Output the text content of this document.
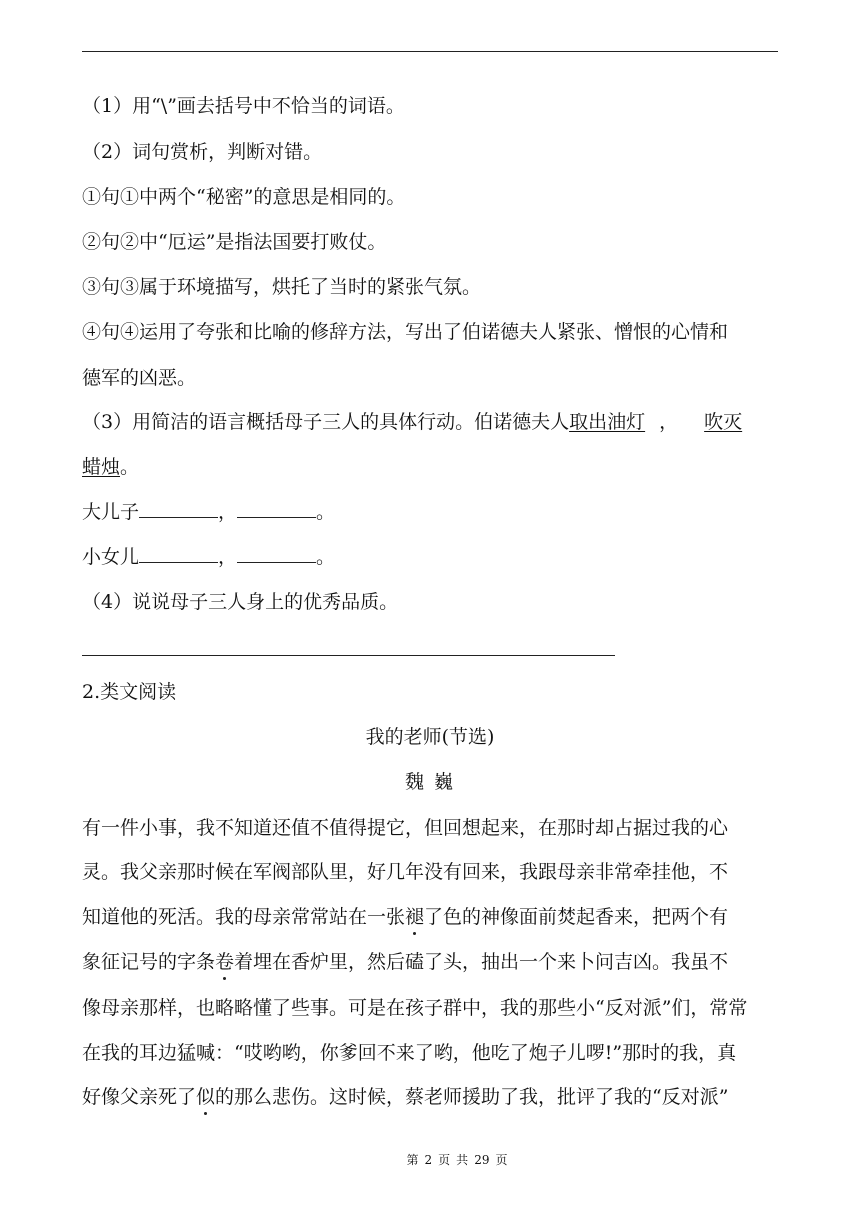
（1）用“\”画去括号中不恰当的词语。
（2）词句赏析，判断对错。
①句①中两个“秘密”的意思是相同的。
②句②中“厄运”是指法国要打败仗。
③句③属于环境描写，烘托了当时的紧张气氛。
④句④运用了夸张和比喻的修辞方法，写出了伯诺德夫人紧张、憎恨的心情和
德军的凶恶。
（3）用简洁的语言概括母子三人的具体行动。伯诺德夫人取出油灯 ， 吹灭
蜡烛。
大儿子	，	。
小女儿	，	。
（4）说说母子三人身上的优秀品质。
2.类文阅读
我的老师(节选)
魏 巍
有一件小事，我不知道还值不值得提它，但回想起来，在那时却占据过我的心
灵。我父亲那时候在军阀部队里，好几年没有回来，我跟母亲非常牵挂他，不
知道他的死活。我的母亲常常站在一张褪了色的神像面前焚起香来，把两个有
象征记号的字条卷着埋在香炉里，然后磕了头，抽出一个来卜问吉凶。我虽不
像母亲那样，也略略懂了些事。可是在孩子群中，我的那些小“反对派”们，常常
在我的耳边猛喊：“哎哟哟，你爹回不来了哟，他吃了炮子儿啰!”那时的我，真
好像父亲死了似的那么悲伤。这时候，蔡老师援助了我，批评了我的“反对派”
第 2 页 共 29 页
